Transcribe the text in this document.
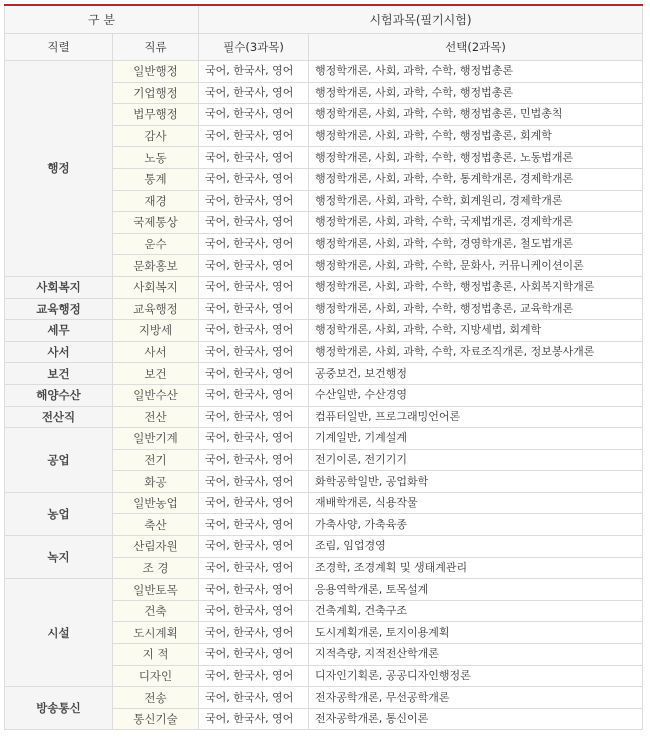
구 분		시험과목(필기시험)	
직렬	직류	필수(3과목)	선택(2과목)
행정	일반행정	국어, 한국사, 영어	행정학개론, 사회, 과학, 수학, 행정법총론
	기업행정	국어, 한국사, 영어	행정학개론, 사회, 과학, 수학, 행정법총론
	법무행정	국어, 한국사, 영어	행정학개론, 사회, 과학, 수학, 행정법총론, 민법총칙
	감사	국어, 한국사, 영어	행정학개론, 사회, 과학, 수학, 행정법총론, 회계학
	노동	국어, 한국사, 영어	행정학개론, 사회, 과학, 수학, 행정법총론, 노동법개론
	통계	국어, 한국사, 영어	행정학개론, 사회, 과학, 수학, 통계학개론, 경제학개론
	재경	국어, 한국사, 영어	행정학개론, 사회, 과학, 수학, 회계원리, 경제학개론
	국제통상	국어, 한국사, 영어	행정학개론, 사회, 과학, 수학, 국제법개론, 경제학개론
	운수	국어, 한국사, 영어	행정학개론, 사회, 과학, 수학, 경영학개론, 철도법개론
	문화홍보	국어, 한국사, 영어	행정학개론, 사회, 과학, 수학, 문화사, 커뮤니케이션이론
사회복지	사회복지	국어, 한국사, 영어	행정학개론, 사회, 과학, 수학, 행정법총론, 사회복지학개론
교육행정	교육행정	국어, 한국사, 영어	행정학개론, 사회, 과학, 수학, 행정법총론, 교육학개론
세무	지방세	국어, 한국사, 영어	행정학개론, 사회, 과학, 수학, 지방세법, 회계학
사서	사서	국어, 한국사, 영어	행정학개론, 사회, 과학, 수학, 자료조직개론, 정보봉사개론
보건	보건	국어, 한국사, 영어	공중보건, 보건행정
해양수산	일반수산	국어, 한국사, 영어	수산일반, 수산경영
전산직	전산	국어, 한국사, 영어	컴퓨터일반, 프로그래밍언어론
공업	일반기계	국어, 한국사, 영어	기계일반, 기계설계
	전기	국어, 한국사, 영어	전기이론, 전기기기
	화공	국어, 한국사, 영어	화학공학일반, 공업화학
농업	일반농업	국어, 한국사, 영어	재배학개론, 식용작물
	축산	국어, 한국사, 영어	가축사양, 가축육종
녹지	산림자원	국어, 한국사, 영어	조림, 임업경영
	조 경	국어, 한국사, 영어	조경학, 조경계획 및 생태계관리
시설	일반토목	국어, 한국사, 영어	응용역학개론, 토목설계
	건축	국어, 한국사, 영어	건축계획, 건축구조
	도시계획	국어, 한국사, 영어	도시계획개론, 토지이용계획
	지 적	국어, 한국사, 영어	지적측량, 지적전산학개론
	디자인	국어, 한국사, 영어	디자인기획론, 공공디자인행정론
방송통신	전송	국어, 한국사, 영어	전자공학개론, 무선공학개론
	통신기술	국어, 한국사, 영어	전자공학개론, 통신이론
